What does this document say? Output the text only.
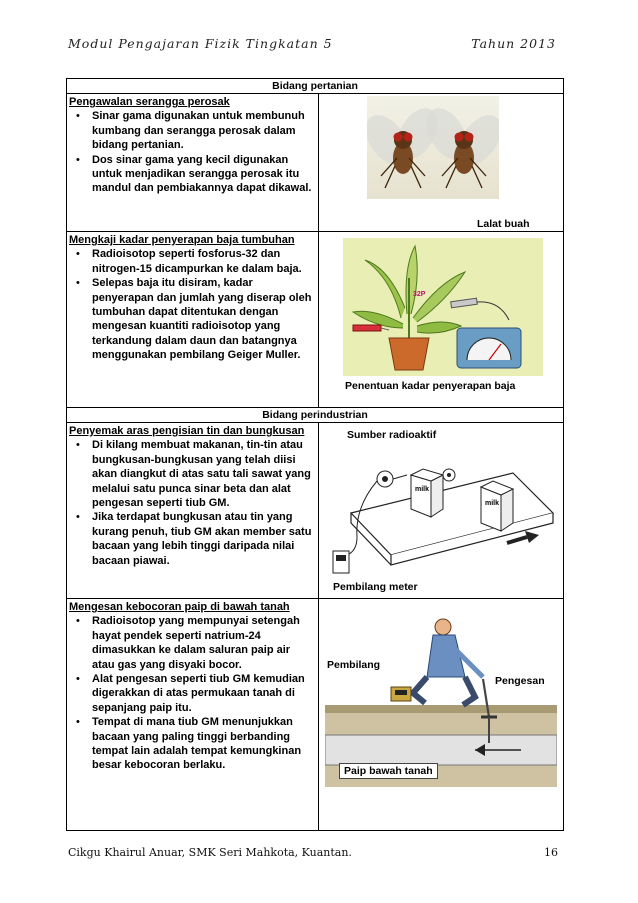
Modul Pengajaran Fizik Tingkatan 5	Tahun 2013
Bidang pertanian
Pengawalan serangga perosak
• Sinar gama digunakan untuk membunuh kumbang dan serangga perosak dalam bidang pertanian.
• Dos sinar gama yang kecil digunakan untuk menjadikan serangga perosak itu mandul dan pembiakannya dapat dikawal.
Lalat buah
Mengkaji kadar penyerapan baja tumbuhan
• Radioisotop seperti fosforus-32 dan nitrogen-15 dicampurkan ke dalam baja.
• Selepas baja itu disiram, kadar penyerapan dan jumlah yang diserap oleh tumbuhan dapat ditentukan dengan mengesan kuantiti radioisotop yang terkandung dalam daun dan batangnya menggunakan pembilang Geiger Muller.
32P
Penentuan kadar penyerapan baja
Bidang perindustrian
Penyemak aras pengisian tin dan bungkusan
• Di kilang membuat makanan, tin-tin atau bungkusan-bungkusan yang telah diisi akan diangkut di atas satu tali sawat yang melalui satu punca sinar beta dan alat pengesan seperti tiub GM.
• Jika terdapat bungkusan atau tin yang kurang penuh, tiub GM akan member satu bacaan yang lebih tinggi daripada nilai bacaan piawai.
Sumber radioaktif
milk
milk
Pembilang meter
Mengesan kebocoran paip di bawah tanah
• Radioisotop yang mempunyai setengah hayat pendek seperti natrium-24 dimasukkan ke dalam saluran paip air atau gas yang disyaki bocor.
• Alat pengesan seperti tiub GM kemudian digerakkan di atas permukaan tanah di sepanjang paip itu.
• Tempat di mana tiub GM menunjukkan bacaan yang paling tinggi berbanding tempat lain adalah tempat kemungkinan besar kebocoran berlaku.
Pembilang
Pengesan
Paip bawah tanah
Cikgu Khairul Anuar, SMK Seri Mahkota, Kuantan.	16
